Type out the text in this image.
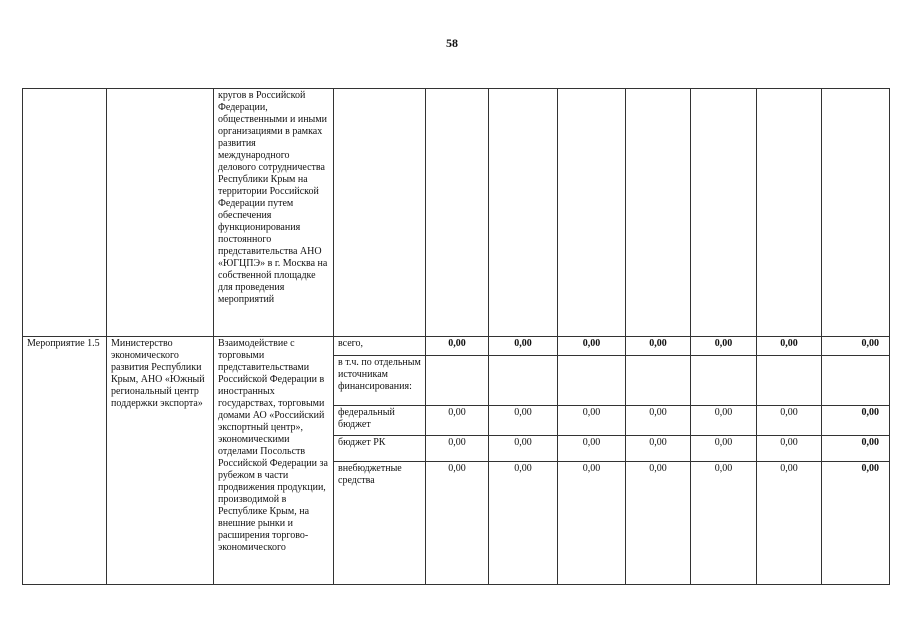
58
		кругов в Российской Федерации, общественными и иными организациями в рамках развития международного делового сотрудничества Республики Крым на территории Российской Федерации путем обеспечения функционирования постоянного представительства АНО «ЮГЦПЭ» в г. Москва на собственной площадке для проведения мероприятий								
Мероприятие 1.5	Министерство экономического развития Республики Крым, АНО «Южный региональный центр поддержки экспорта»	Взаимодействие с торговыми представительствами Российской Федерации в иностранных государствах, торговыми домами АО «Российский экспортный центр», экономическими отделами Посольств Российской Федерации за рубежом в части продвижения продукции, производимой в Республике Крым, на внешние рынки и расширения торгово-экономического	всего,	0,00	0,00	0,00	0,00	0,00	0,00	0,00
			в т.ч. по отдельным источникам финансирования:							
			федеральный бюджет	0,00	0,00	0,00	0,00	0,00	0,00	0,00
			бюджет РК	0,00	0,00	0,00	0,00	0,00	0,00	0,00
			внебюджетные средства	0,00	0,00	0,00	0,00	0,00	0,00	0,00
